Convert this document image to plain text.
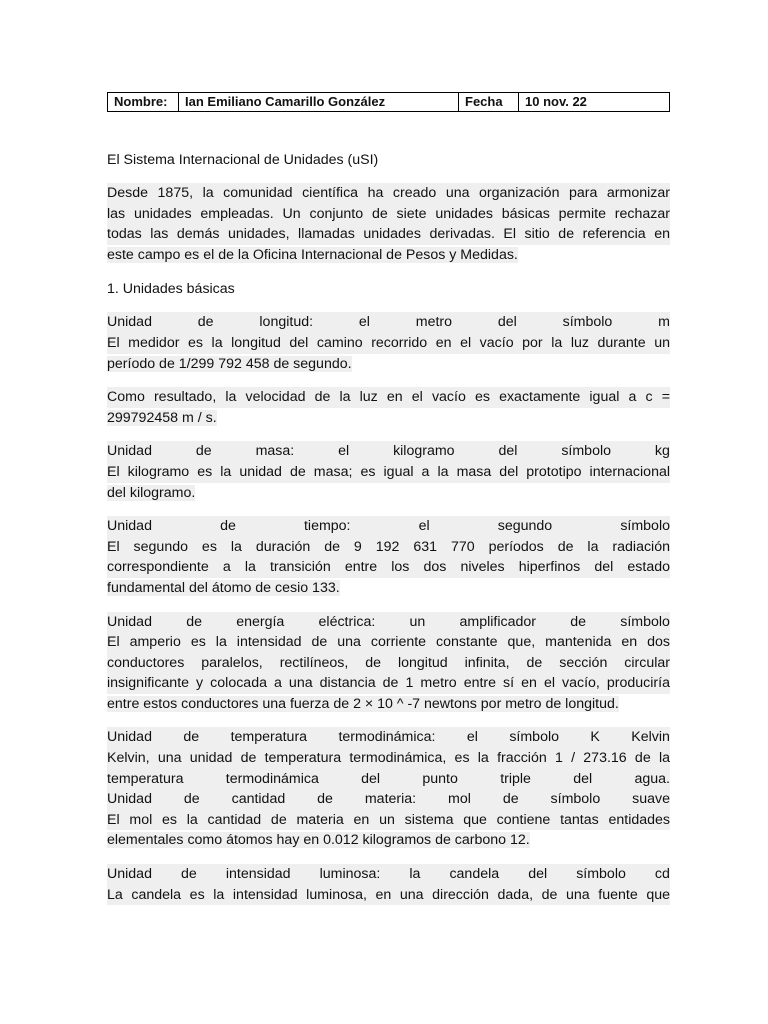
Nombre:	Ian Emiliano Camarillo González	Fecha	10 nov. 22
El Sistema Internacional de Unidades (uSI)
Desde 1875, la comunidad científica ha creado una organización para armonizar
las unidades empleadas. Un conjunto de siete unidades básicas permite rechazar
todas las demás unidades, llamadas unidades derivadas. El sitio de referencia en
este campo es el de la Oficina Internacional de Pesos y Medidas.
1. Unidades básicas
Unidad	de	longitud:	el	metro	del	símbolo	m
El medidor es la longitud del camino recorrido en el vacío por la luz durante un
período de 1/299 792 458 de segundo.
Como resultado, la velocidad de la luz en el vacío es exactamente igual a c =
299792458 m / s.
Unidad	de	masa:	el	kilogramo	del	símbolo	kg
El kilogramo es la unidad de masa; es igual a la masa del prototipo internacional
del kilogramo.
Unidad	de	tiempo:	el	segundo	símbolo
El segundo es la duración de 9 192 631 770 períodos de la radiación
correspondiente a la transición entre los dos niveles hiperfinos del estado
fundamental del átomo de cesio 133.
Unidad de energía eléctrica: un amplificador de símbolo
El amperio es la intensidad de una corriente constante que, mantenida en dos
conductores paralelos, rectilíneos, de longitud infinita, de sección circular
insignificante y colocada a una distancia de 1 metro entre sí en el vacío, produciría
entre estos conductores una fuerza de 2 × 10 ^ -7 newtons por metro de longitud.
Unidad de temperatura termodinámica: el símbolo K Kelvin
Kelvin, una unidad de temperatura termodinámica, es la fracción 1 / 273.16 de la
temperatura	termodinámica	del	punto	triple	del	agua.
Unidad de cantidad de materia: mol de símbolo suave
El mol es la cantidad de materia en un sistema que contiene tantas entidades
elementales como átomos hay en 0.012 kilogramos de carbono 12.
Unidad de intensidad luminosa: la candela del símbolo cd
La candela es la intensidad luminosa, en una dirección dada, de una fuente que
